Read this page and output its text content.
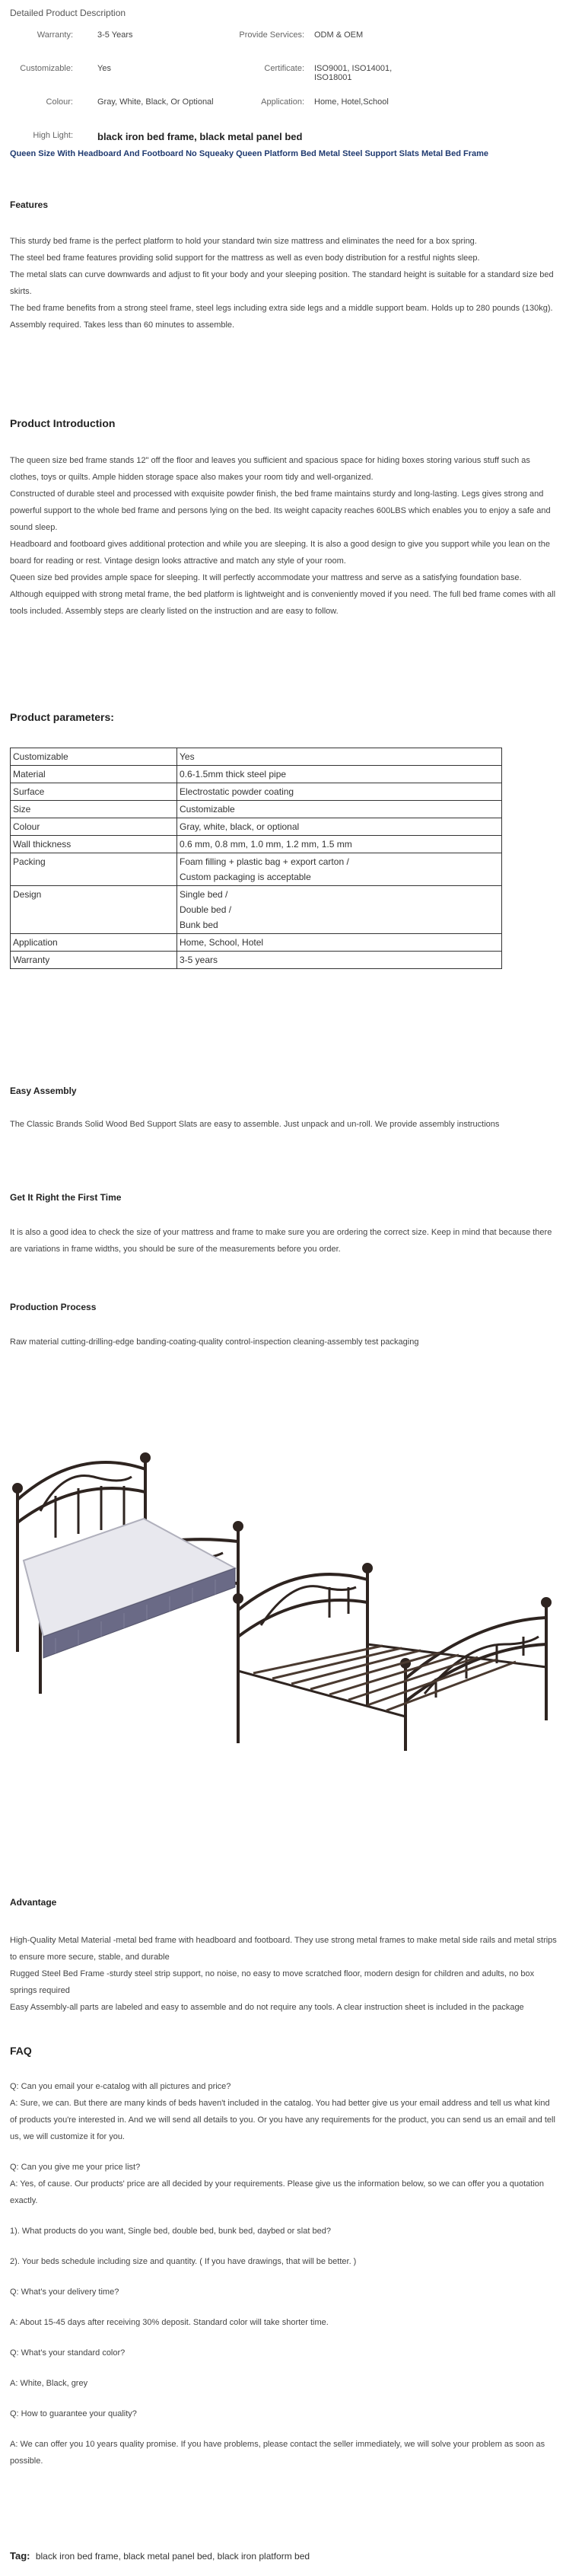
Detailed Product Description
Warranty:	3-5 Years	Provide Services: ODM & OEM
Customizable:	Yes	Certificate: ISO9001, ISO14001, ISO18001
Colour:	Gray, White, Black, Or Optional	Application: Home, Hotel,School
High Light: black iron bed frame, black metal panel bed
Queen Size With Headboard And Footboard No Squeaky Queen Platform Bed Metal Steel Support Slats Metal Bed Frame
Features

This sturdy bed frame is the perfect platform to hold your standard twin size mattress and eliminates the need for a box spring.

The steel bed frame features providing solid support for the mattress as well as even body distribution for a restful nights sleep.

The metal slats can curve downwards and adjust to fit your body and your sleeping position. The standard height is suitable for a standard size bed skirts.

The bed frame benefits from a strong steel frame, steel legs including extra side legs and a middle support beam. Holds up to 280 pounds (130kg).

Assembly required. Takes less than 60 minutes to assemble.

Product Introduction

The queen size bed frame stands 12" off the floor and leaves you sufficient and spacious space for hiding boxes storing various stuff such as clothes, toys or quilts. Ample hidden storage space also makes your room tidy and well-organized.

Constructed of durable steel and processed with exquisite powder finish, the bed frame maintains sturdy and long-lasting. Legs gives strong and powerful support to the whole bed frame and persons lying on the bed. Its weight capacity reaches 600LBS which enables you to enjoy a safe and sound sleep.

Headboard and footboard gives additional protection and while you are sleeping. It is also a good design to give you support while you lean on the board for reading or rest. Vintage design looks attractive and match any style of your room.

Queen size bed provides ample space for sleeping. It will perfectly accommodate your mattress and serve as a satisfying foundation base.

Although equipped with strong metal frame, the bed platform is lightweight and is conveniently moved if you need. The full bed frame comes with all tools included. Assembly steps are clearly listed on the instruction and are easy to follow.

Product parameters:
Customizable	Yes
Material	0.6-1.5mm thick steel pipe
Surface	Electrostatic powder coating
Size	Customizable
Colour	Gray, white, black, or optional
Wall thickness	0.6 mm, 0.8 mm, 1.0 mm, 1.2 mm, 1.5 mm
Packing	Foam filling + plastic bag + export carton /
Custom packaging is acceptable
Design	Single bed /
Double bed /
Bunk bed
Application	Home, School, Hotel
Warranty	3-5 years
Easy Assembly

The Classic Brands Solid Wood Bed Support Slats are easy to assemble. Just unpack and un-roll. We provide assembly instructions

Get It Right the First Time

It is also a good idea to check the size of your mattress and frame to make sure you are ordering the correct size. Keep in mind that because there are variations in frame widths, you should be sure of the measurements before you order.

Production Process

Raw material cutting-drilling-edge banding-coating-quality control-inspection cleaning-assembly test packaging

Advantage

High-Quality Metal Material -metal bed frame with headboard and footboard. They use strong metal frames to make metal side rails and metal strips to ensure more secure, stable, and durable

Rugged Steel Bed Frame -sturdy steel strip support, no noise, no easy to move scratched floor, modern design for children and adults, no box springs required

Easy Assembly-all parts are labeled and easy to assemble and do not require any tools. A clear instruction sheet is included in the package

FAQ

Q: Can you email your e-catalog with all pictures and price?

A: Sure, we can. But there are many kinds of beds haven't included in the catalog. You had better give us your email address and tell us what kind of products you're interested in. And we will send all details to you. Or you have any requirements for the product, you can send us an email and tell us, we will customize it for you.

Q: Can you give me your price list?

A: Yes, of cause. Our products' price are all decided by your requirements. Please give us the information below, so we can offer you a quotation exactly.

1). What products do you want, Single bed, double bed, bunk bed, daybed or slat bed?

2). Your beds schedule including size and quantity. ( If you have drawings, that will be better. )

Q: What's your delivery time?

A: About 15-45 days after receiving 30% deposit. Standard color will take shorter time.

Q: What's your standard color?

A: White, Black, grey

Q: How to guarantee your quality?

A: We can offer you 10 years quality promise. If you have problems, please contact the seller immediately, we will solve your problem as soon as possible.

Tag: black iron bed frame, black metal panel bed, black iron platform bed
